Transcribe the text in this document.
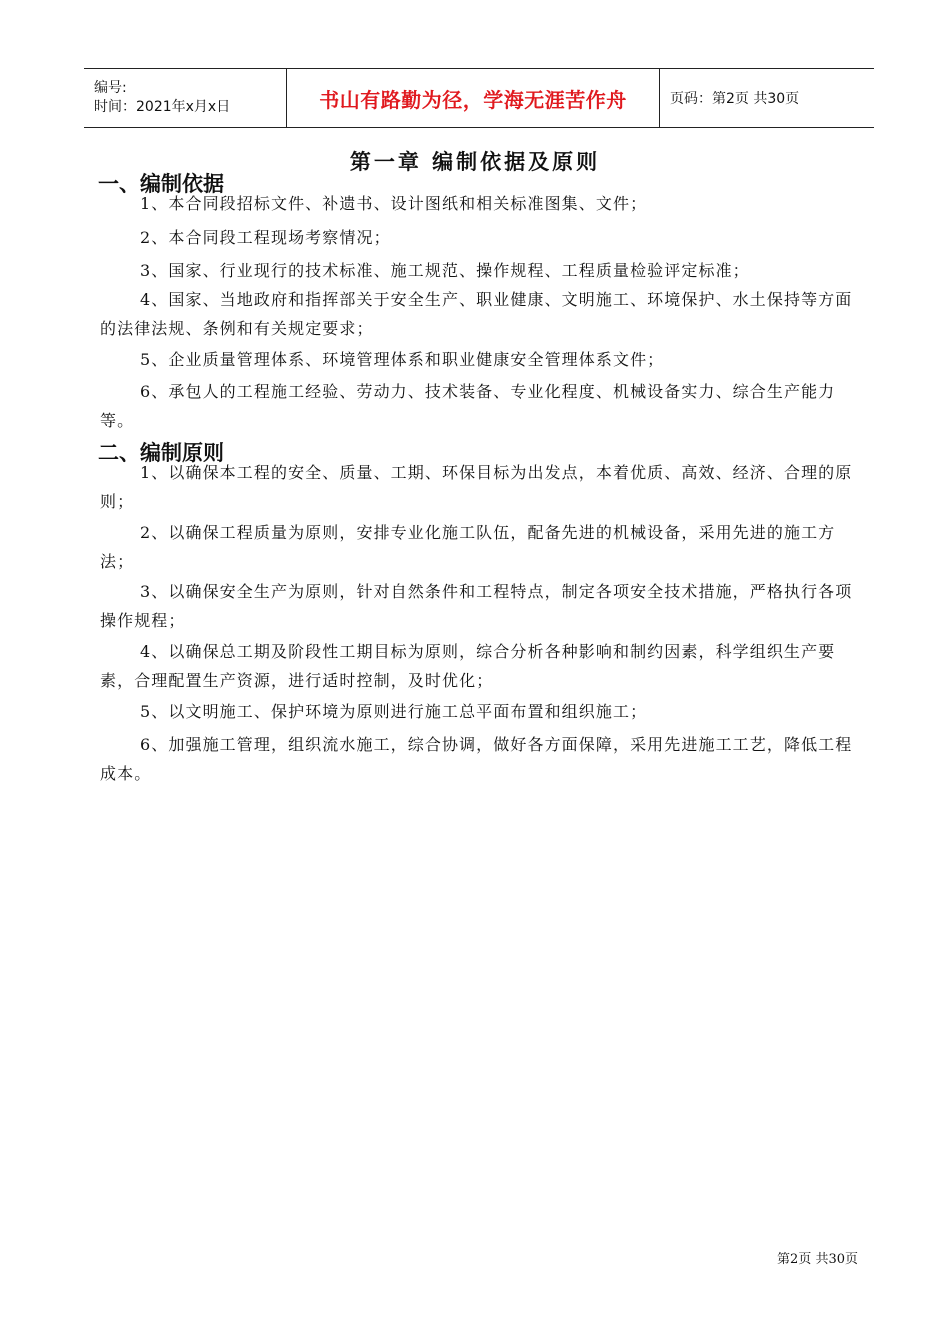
编号:
时间：2021年x月x日	书山有路勤为径，学海无涯苦作舟	页码：第2页 共30页
第一章 编制依据及原则
一、编制依据
1、本合同段招标文件、补遗书、设计图纸和相关标准图集、文件；
2、本合同段工程现场考察情况；
3、国家、行业现行的技术标准、施工规范、操作规程、工程质量检验评定标准；
4、国家、当地政府和指挥部关于安全生产、职业健康、文明施工、环境保护、水土保持等方面的法律法规、条例和有关规定要求；
5、企业质量管理体系、环境管理体系和职业健康安全管理体系文件；
6、承包人的工程施工经验、劳动力、技术装备、专业化程度、机械设备实力、综合生产能力等。
二、编制原则
1、以确保本工程的安全、质量、工期、环保目标为出发点，本着优质、高效、经济、合理的原则；
2、以确保工程质量为原则，安排专业化施工队伍，配备先进的机械设备，采用先进的施工方法；
3、以确保安全生产为原则，针对自然条件和工程特点，制定各项安全技术措施，严格执行各项操作规程；
4、以确保总工期及阶段性工期目标为原则，综合分析各种影响和制约因素，科学组织生产要素，合理配置生产资源，进行适时控制，及时优化；
5、以文明施工、保护环境为原则进行施工总平面布置和组织施工；
6、加强施工管理，组织流水施工，综合协调，做好各方面保障，采用先进施工工艺，降低工程成本。
第2页 共30页
